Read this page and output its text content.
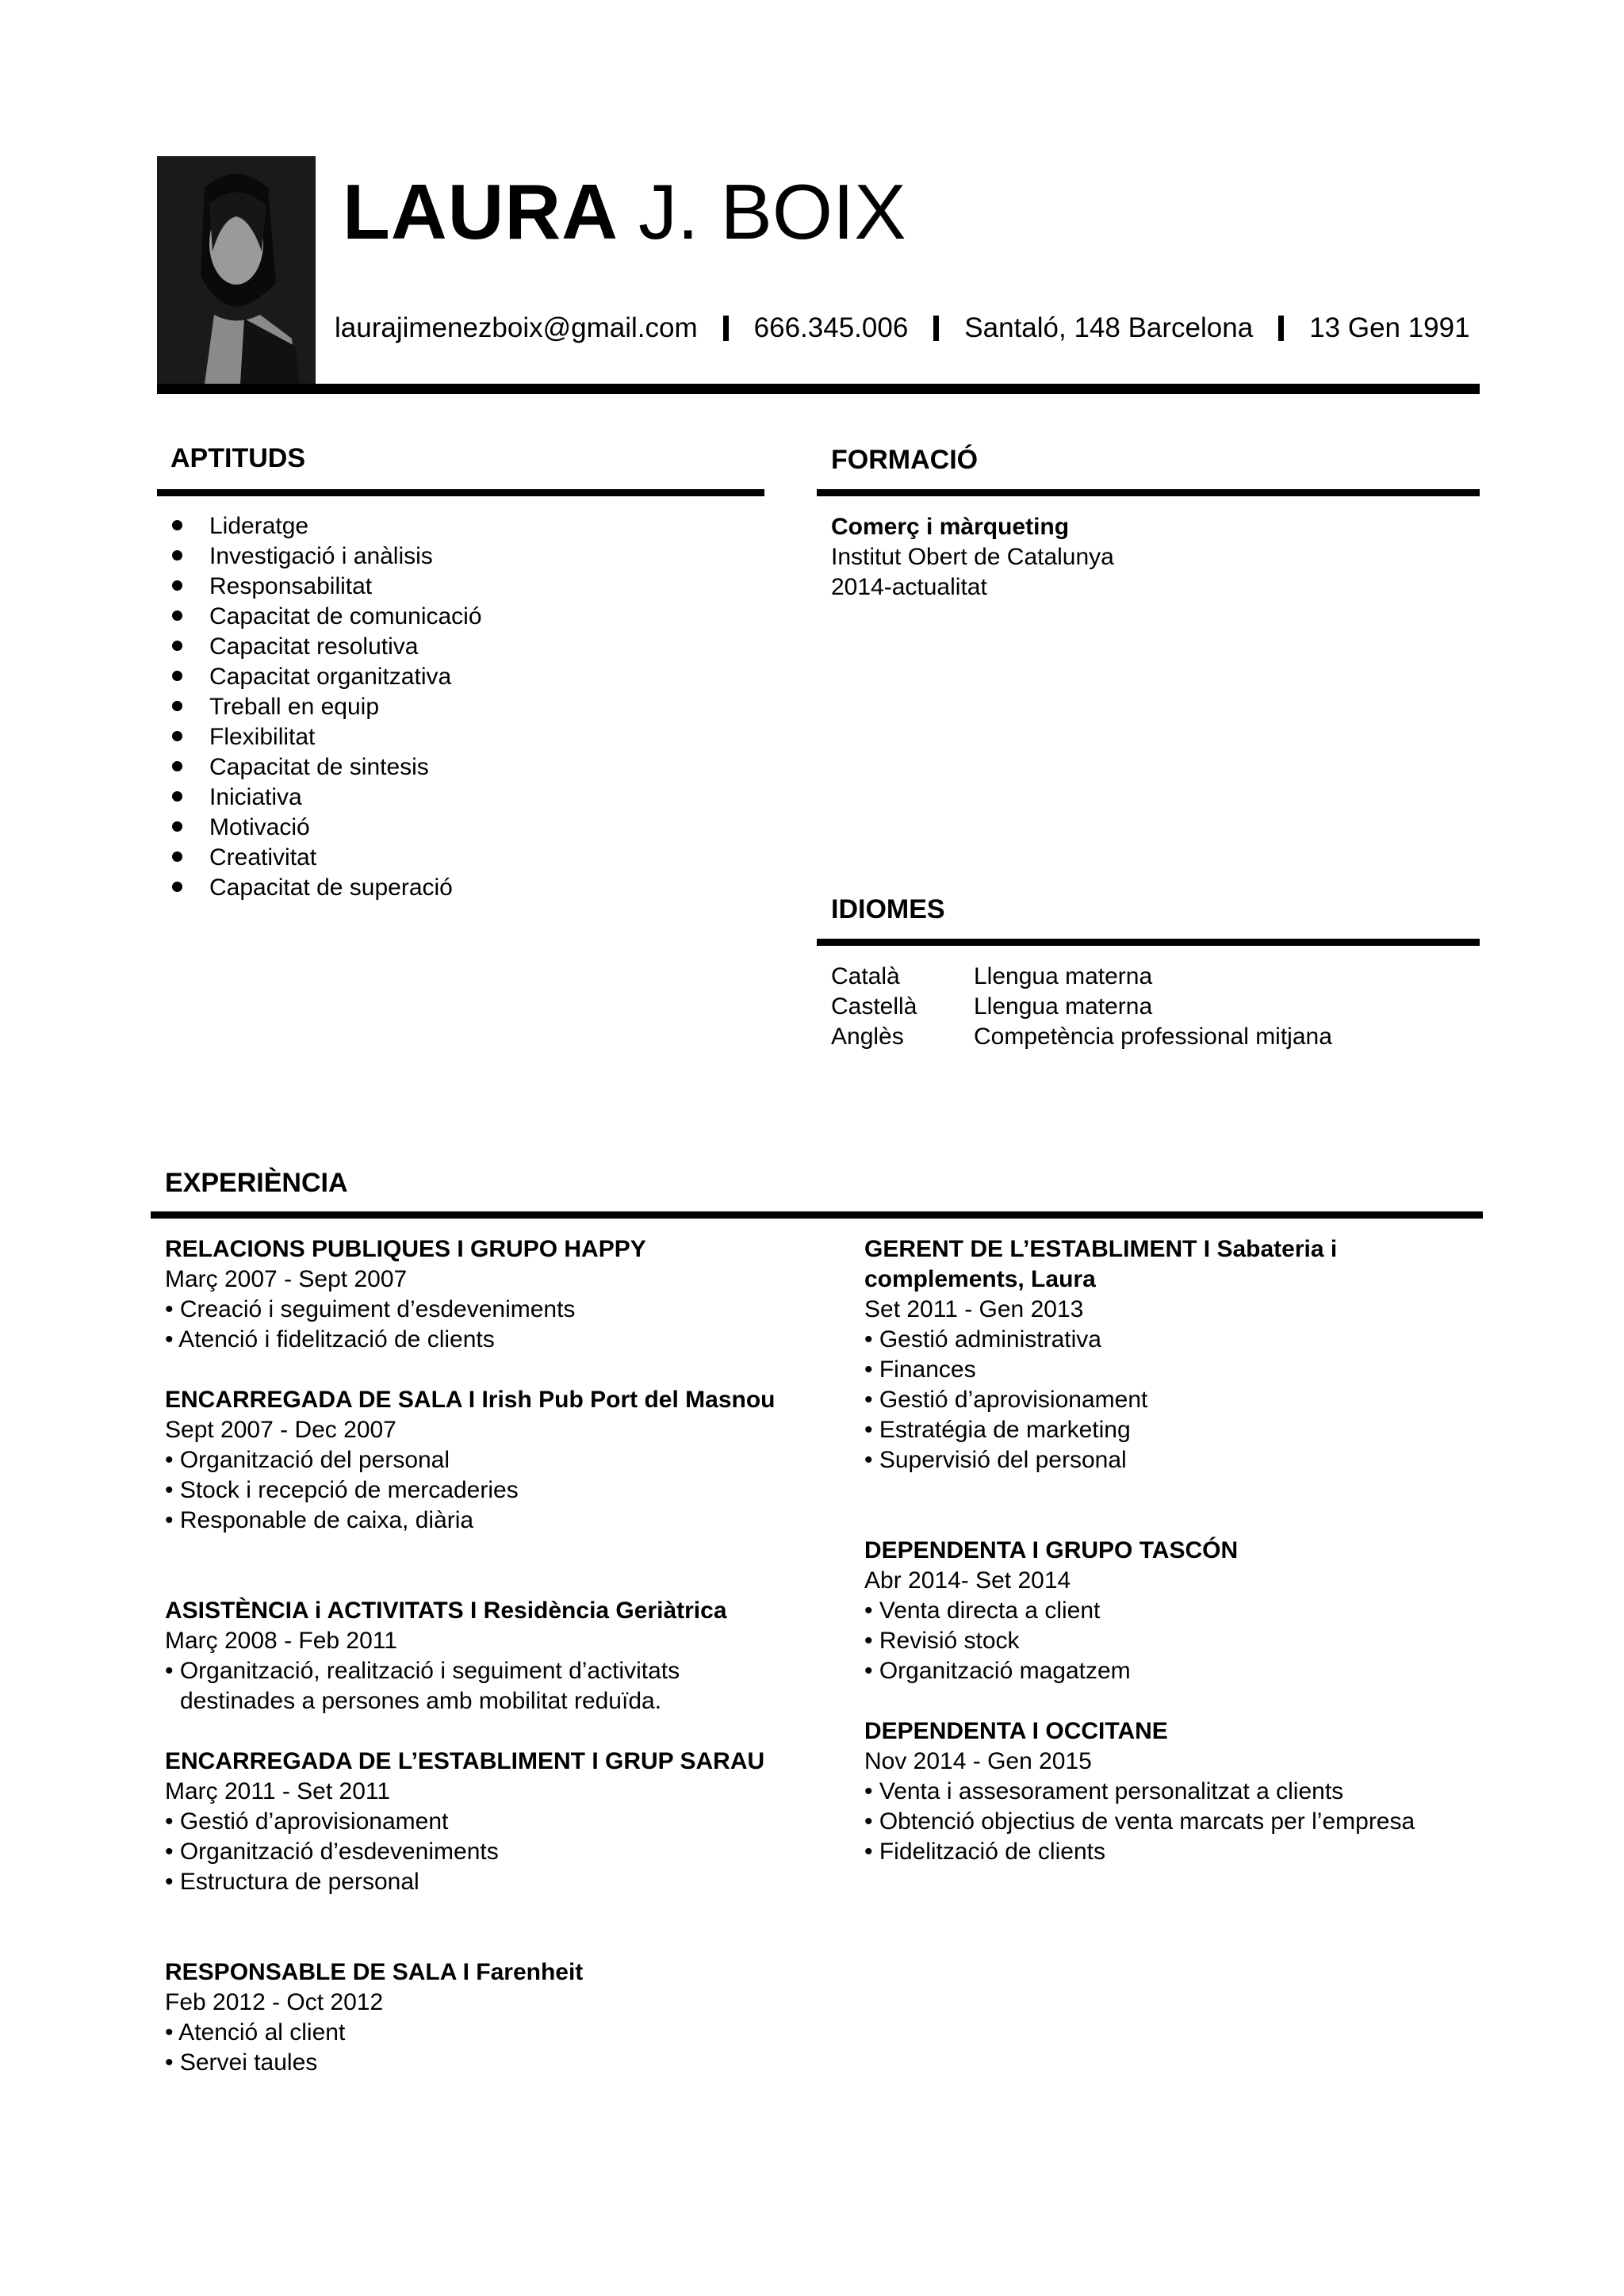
LAURA J. BOIX
laurajimenezboix@gmail.com 666.345.006 Santaló, 148 Barcelona 13 Gen 1991
APTITUDS
Lideratge
Investigació i anàlisis
Responsabilitat
Capacitat de comunicació
Capacitat resolutiva
Capacitat organitzativa
Treball en equip
Flexibilitat
Capacitat de sintesis
Iniciativa
Motivació
Creativitat
Capacitat de superació
FORMACIÓ
Comerç i màrqueting
Institut Obert de Catalunya
2014-actualitat
IDIOMES
Català	Llengua materna
Castellà	Llengua materna
Anglès	Competència professional mitjana
EXPERIÈNCIA
RELACIONS PUBLIQUES I GRUPO HAPPY
Març 2007 - Sept 2007
• Creació i seguiment d’esdeveniments
• Atenció i fidelització de clients
ENCARREGADA DE SALA I Irish Pub Port del Masnou
Sept 2007 - Dec 2007
• Organització del personal
• Stock i recepció de mercaderies
• Responable de caixa, diària
ASISTÈNCIA i ACTIVITATS I Residència Geriàtrica
Març 2008 - Feb 2011
• Organització, realització i seguiment d’activitats destinades a persones amb mobilitat reduïda.
ENCARREGADA DE L’ESTABLIMENT I GRUP SARAU
Març 2011 - Set 2011
• Gestió d’aprovisionament
• Organització d’esdeveniments
• Estructura de personal
RESPONSABLE DE SALA I Farenheit
Feb 2012 - Oct 2012
• Atenció al client
• Servei taules
GERENT DE L’ESTABLIMENT I Sabateria i complements, Laura
Set 2011 - Gen 2013
• Gestió administrativa
• Finances
• Gestió d’aprovisionament
• Estratégia de marketing
• Supervisió del personal
DEPENDENTA I GRUPO TASCÓN
Abr 2014- Set 2014
• Venta directa a client
• Revisió stock
• Organització magatzem
DEPENDENTA I OCCITANE
Nov 2014 - Gen 2015
• Venta i assesorament personalitzat a clients
• Obtenció objectius de venta marcats per l’empresa
• Fidelització de clients
